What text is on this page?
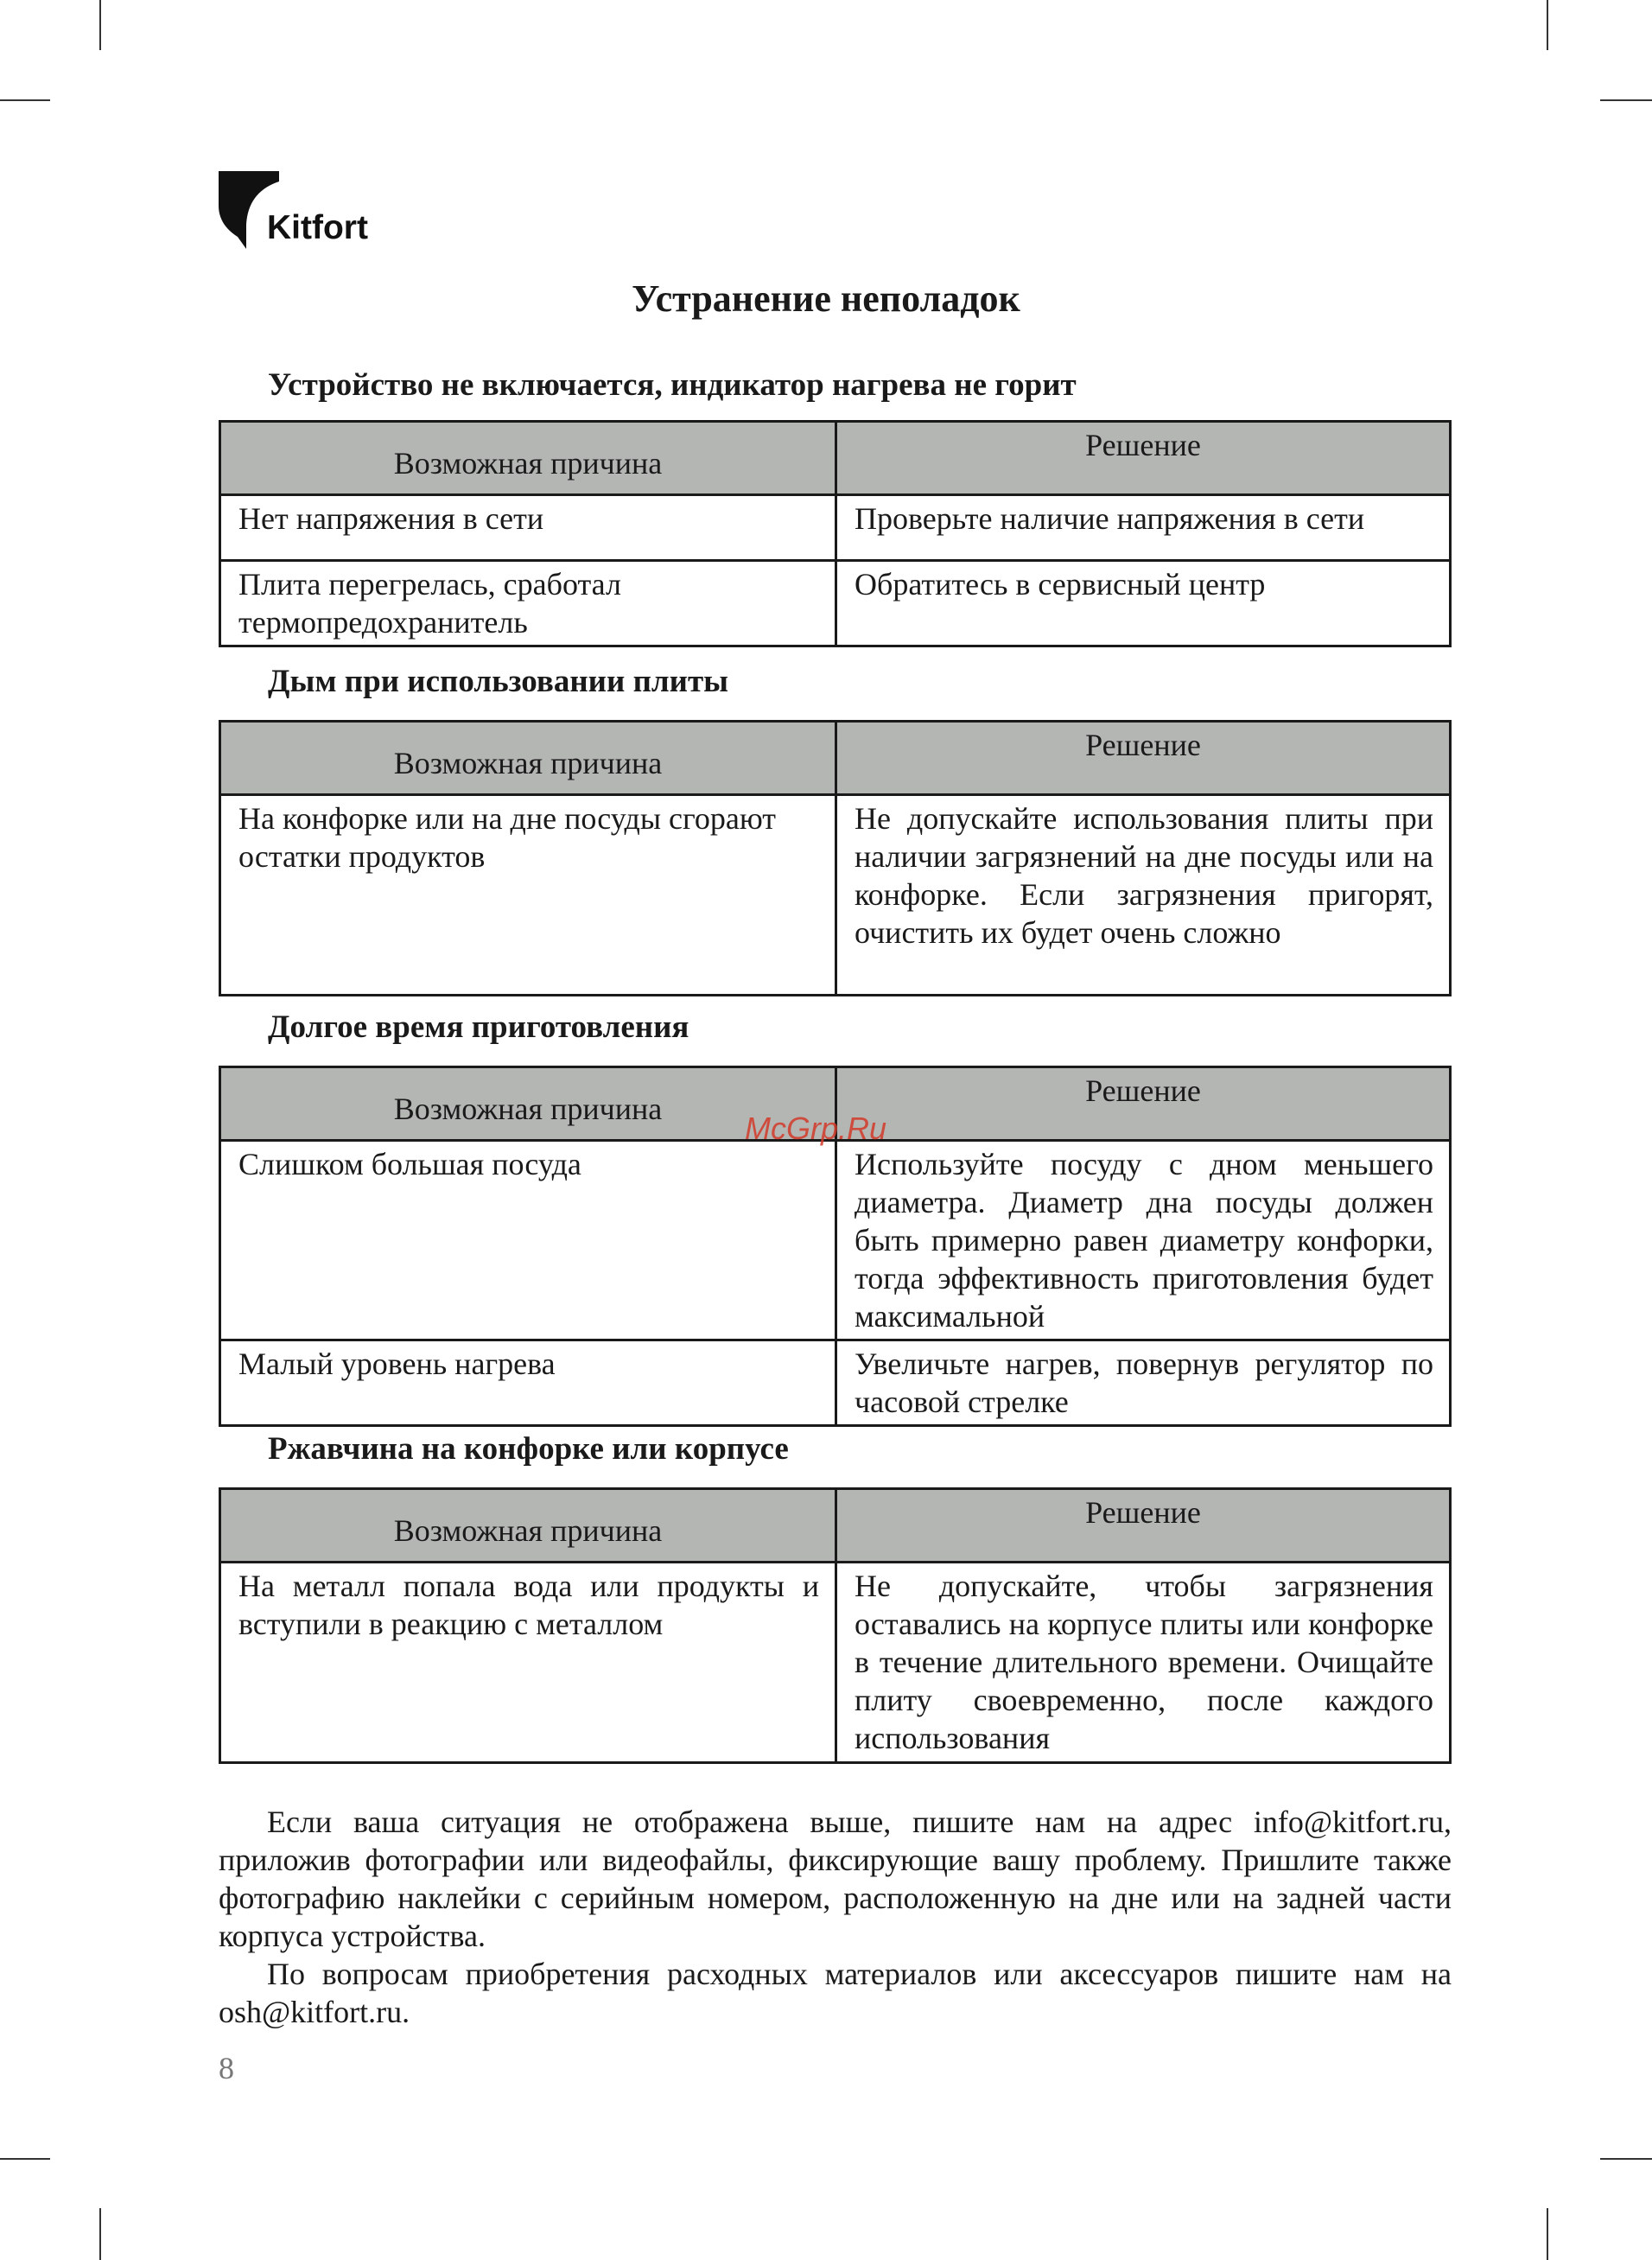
Kitfort
Устранение неполадок
Устройство не включается, индикатор нагрева не горит
Возможная причина	Решение
Нет напряжения в сети	Проверьте наличие напряжения в сети
Плита перегрелась, сработал термопредохранитель	Обратитесь в сервисный центр
Дым при использовании плиты
Возможная причина	Решение
На конфорке или на дне посуды сгорают остатки продуктов	Не допускайте использования плиты при наличии загрязнений на дне посуды или на конфорке. Если загрязнения пригорят, очистить их будет очень сложно
Долгое время приготовления
Возможная причина	Решение
Слишком большая посуда	Используйте посуду с дном меньшего диаметра. Диаметр дна посуды должен быть примерно равен диаметру конфорки, тогда эффективность приготовления будет максимальной
Малый уровень нагрева	Увеличьте нагрев, повернув регулятор по часовой стрелке
McGrp.Ru
Ржавчина на конфорке или корпусе
Возможная причина	Решение
На металл попала вода или продукты и вступили в реакцию с металлом	Не допускайте, чтобы загрязнения оставались на корпусе плиты или конфорке в течение длительного времени. Очищайте плиту своевременно, после каждого использования

Если ваша ситуация не отображена выше, пишите нам на адрес info@kitfort.ru, приложив фотографии или видеофайлы, фиксирующие вашу проблему. Пришлите также фотографию наклейки с серийным номером, расположенную на дне или на задней части корпуса устройства.

По вопросам приобретения расходных материалов или аксессуаров пишите нам на osh@kitfort.ru.

8
